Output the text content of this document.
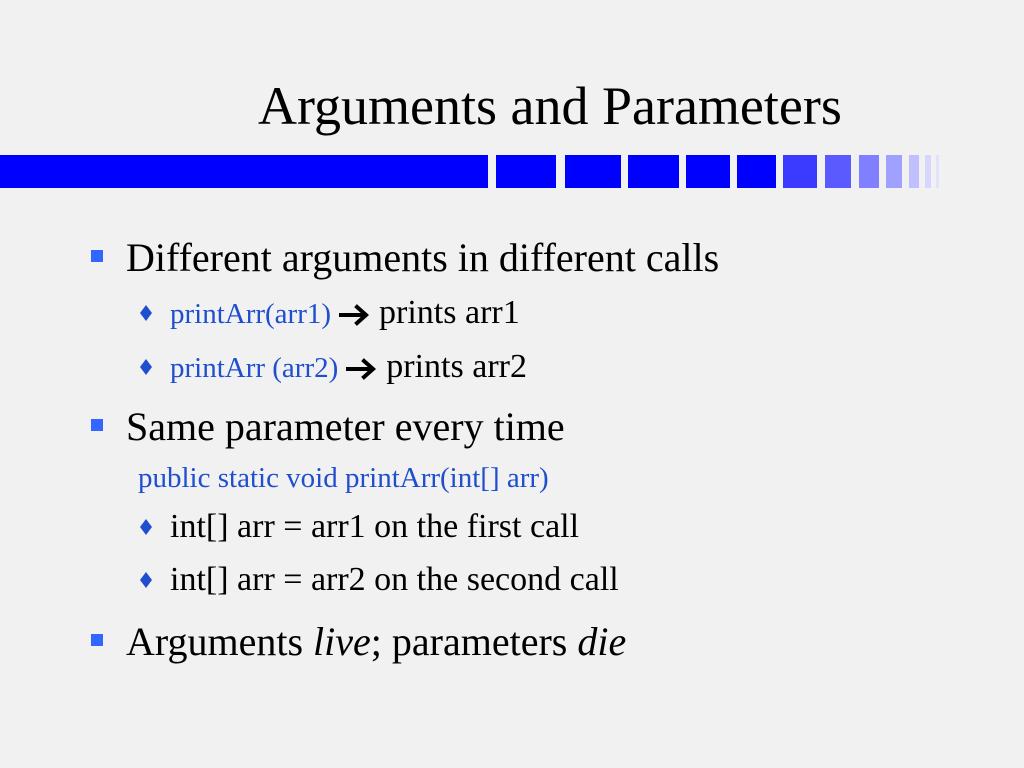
Arguments and Parameters
Different arguments in different calls
printArr(arr1) prints arr1
printArr (arr2) prints arr2
Same parameter every time
public static void printArr(int[] arr)
int[] arr = arr1 on the first call
int[] arr = arr2 on the second call
Arguments live; parameters die
